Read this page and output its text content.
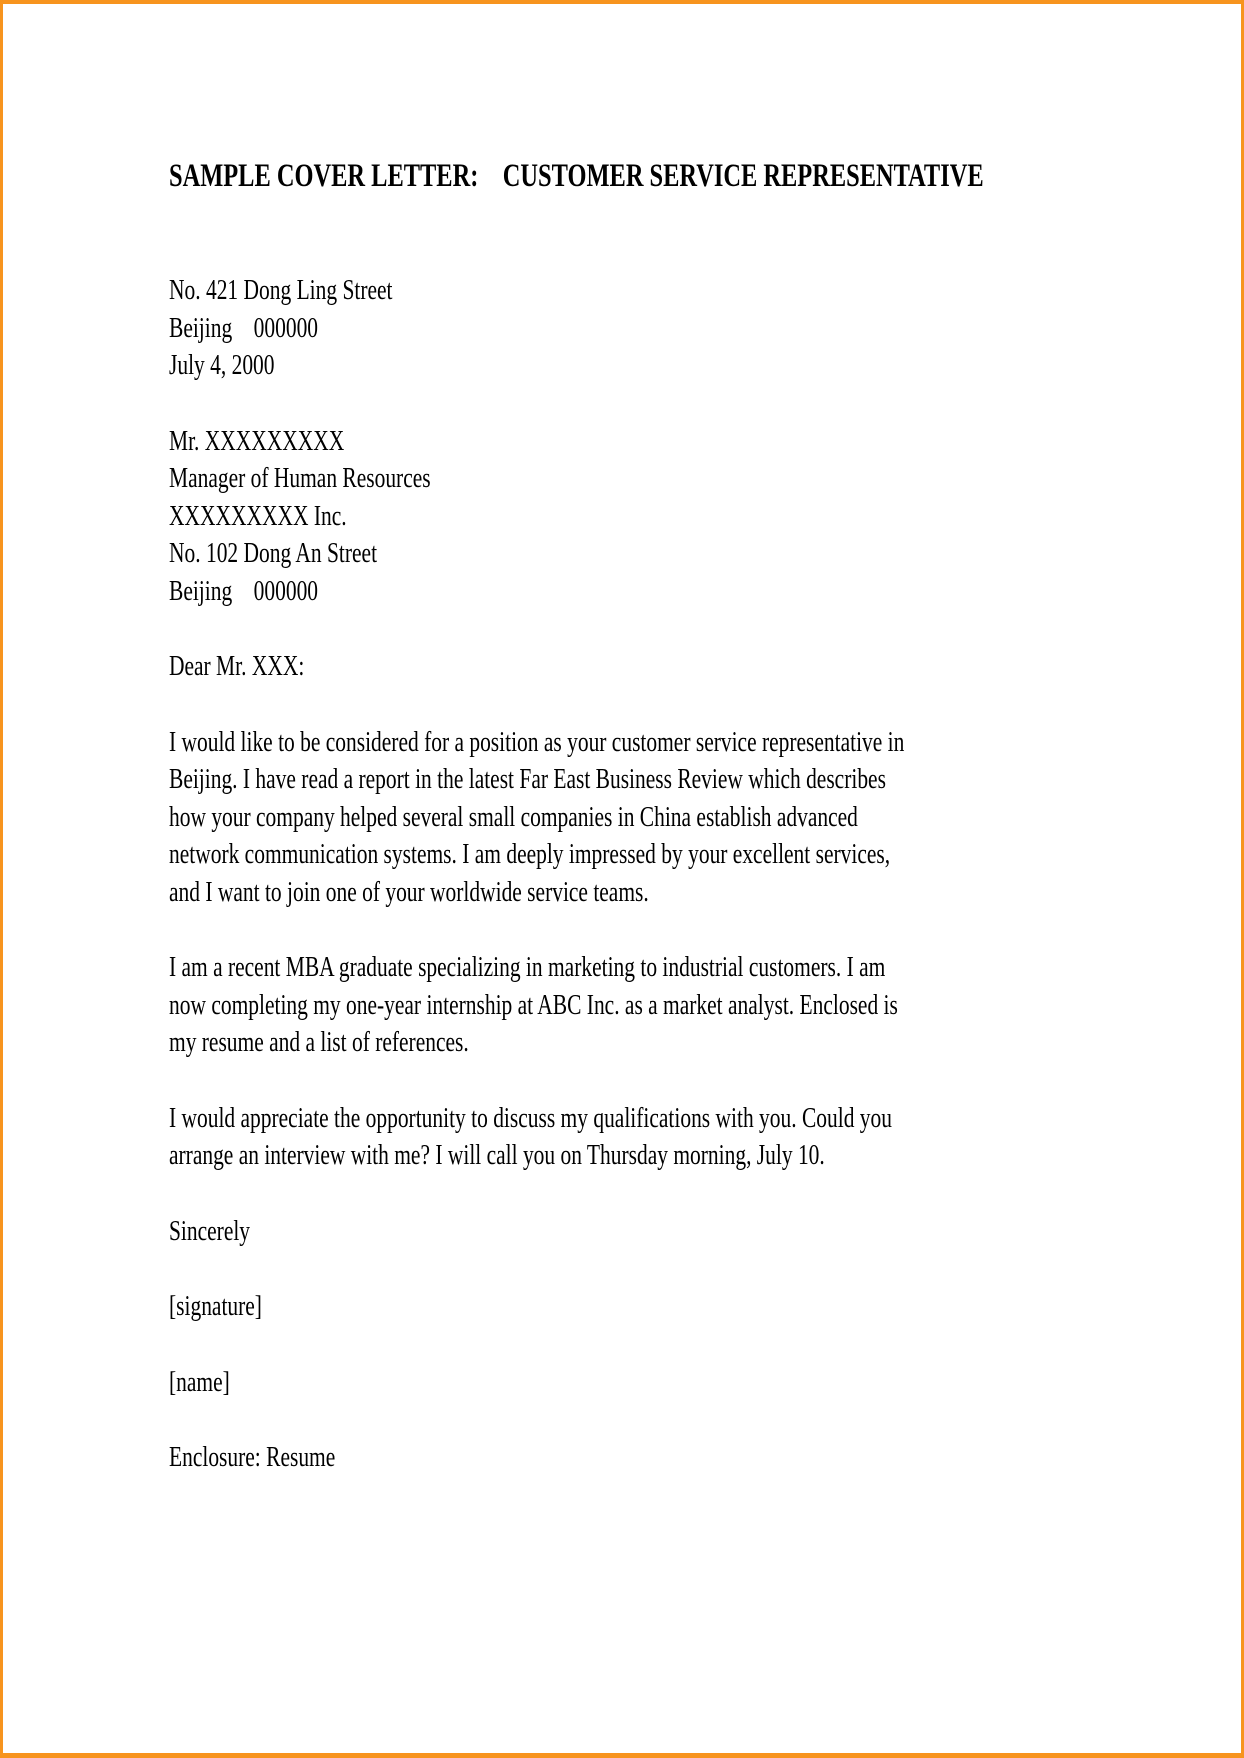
SAMPLE COVER LETTER:    CUSTOMER SERVICE REPRESENTATIVE
No. 421 Dong Ling Street
Beijing    000000
July 4, 2000
Mr. XXXXXXXXX
Manager of Human Resources
XXXXXXXXX Inc.
No. 102 Dong An Street
Beijing    000000
Dear Mr. XXX:
I would like to be considered for a position as your customer service representative in
Beijing. I have read a report in the latest Far East Business Review which describes
how your company helped several small companies in China establish advanced
network communication systems. I am deeply impressed by your excellent services,
and I want to join one of your worldwide service teams.
I am a recent MBA graduate specializing in marketing to industrial customers. I am
now completing my one-year internship at ABC Inc. as a market analyst. Enclosed is
my resume and a list of references.
I would appreciate the opportunity to discuss my qualifications with you. Could you
arrange an interview with me? I will call you on Thursday morning, July 10.
Sincerely
[signature]
[name]
Enclosure: Resume
